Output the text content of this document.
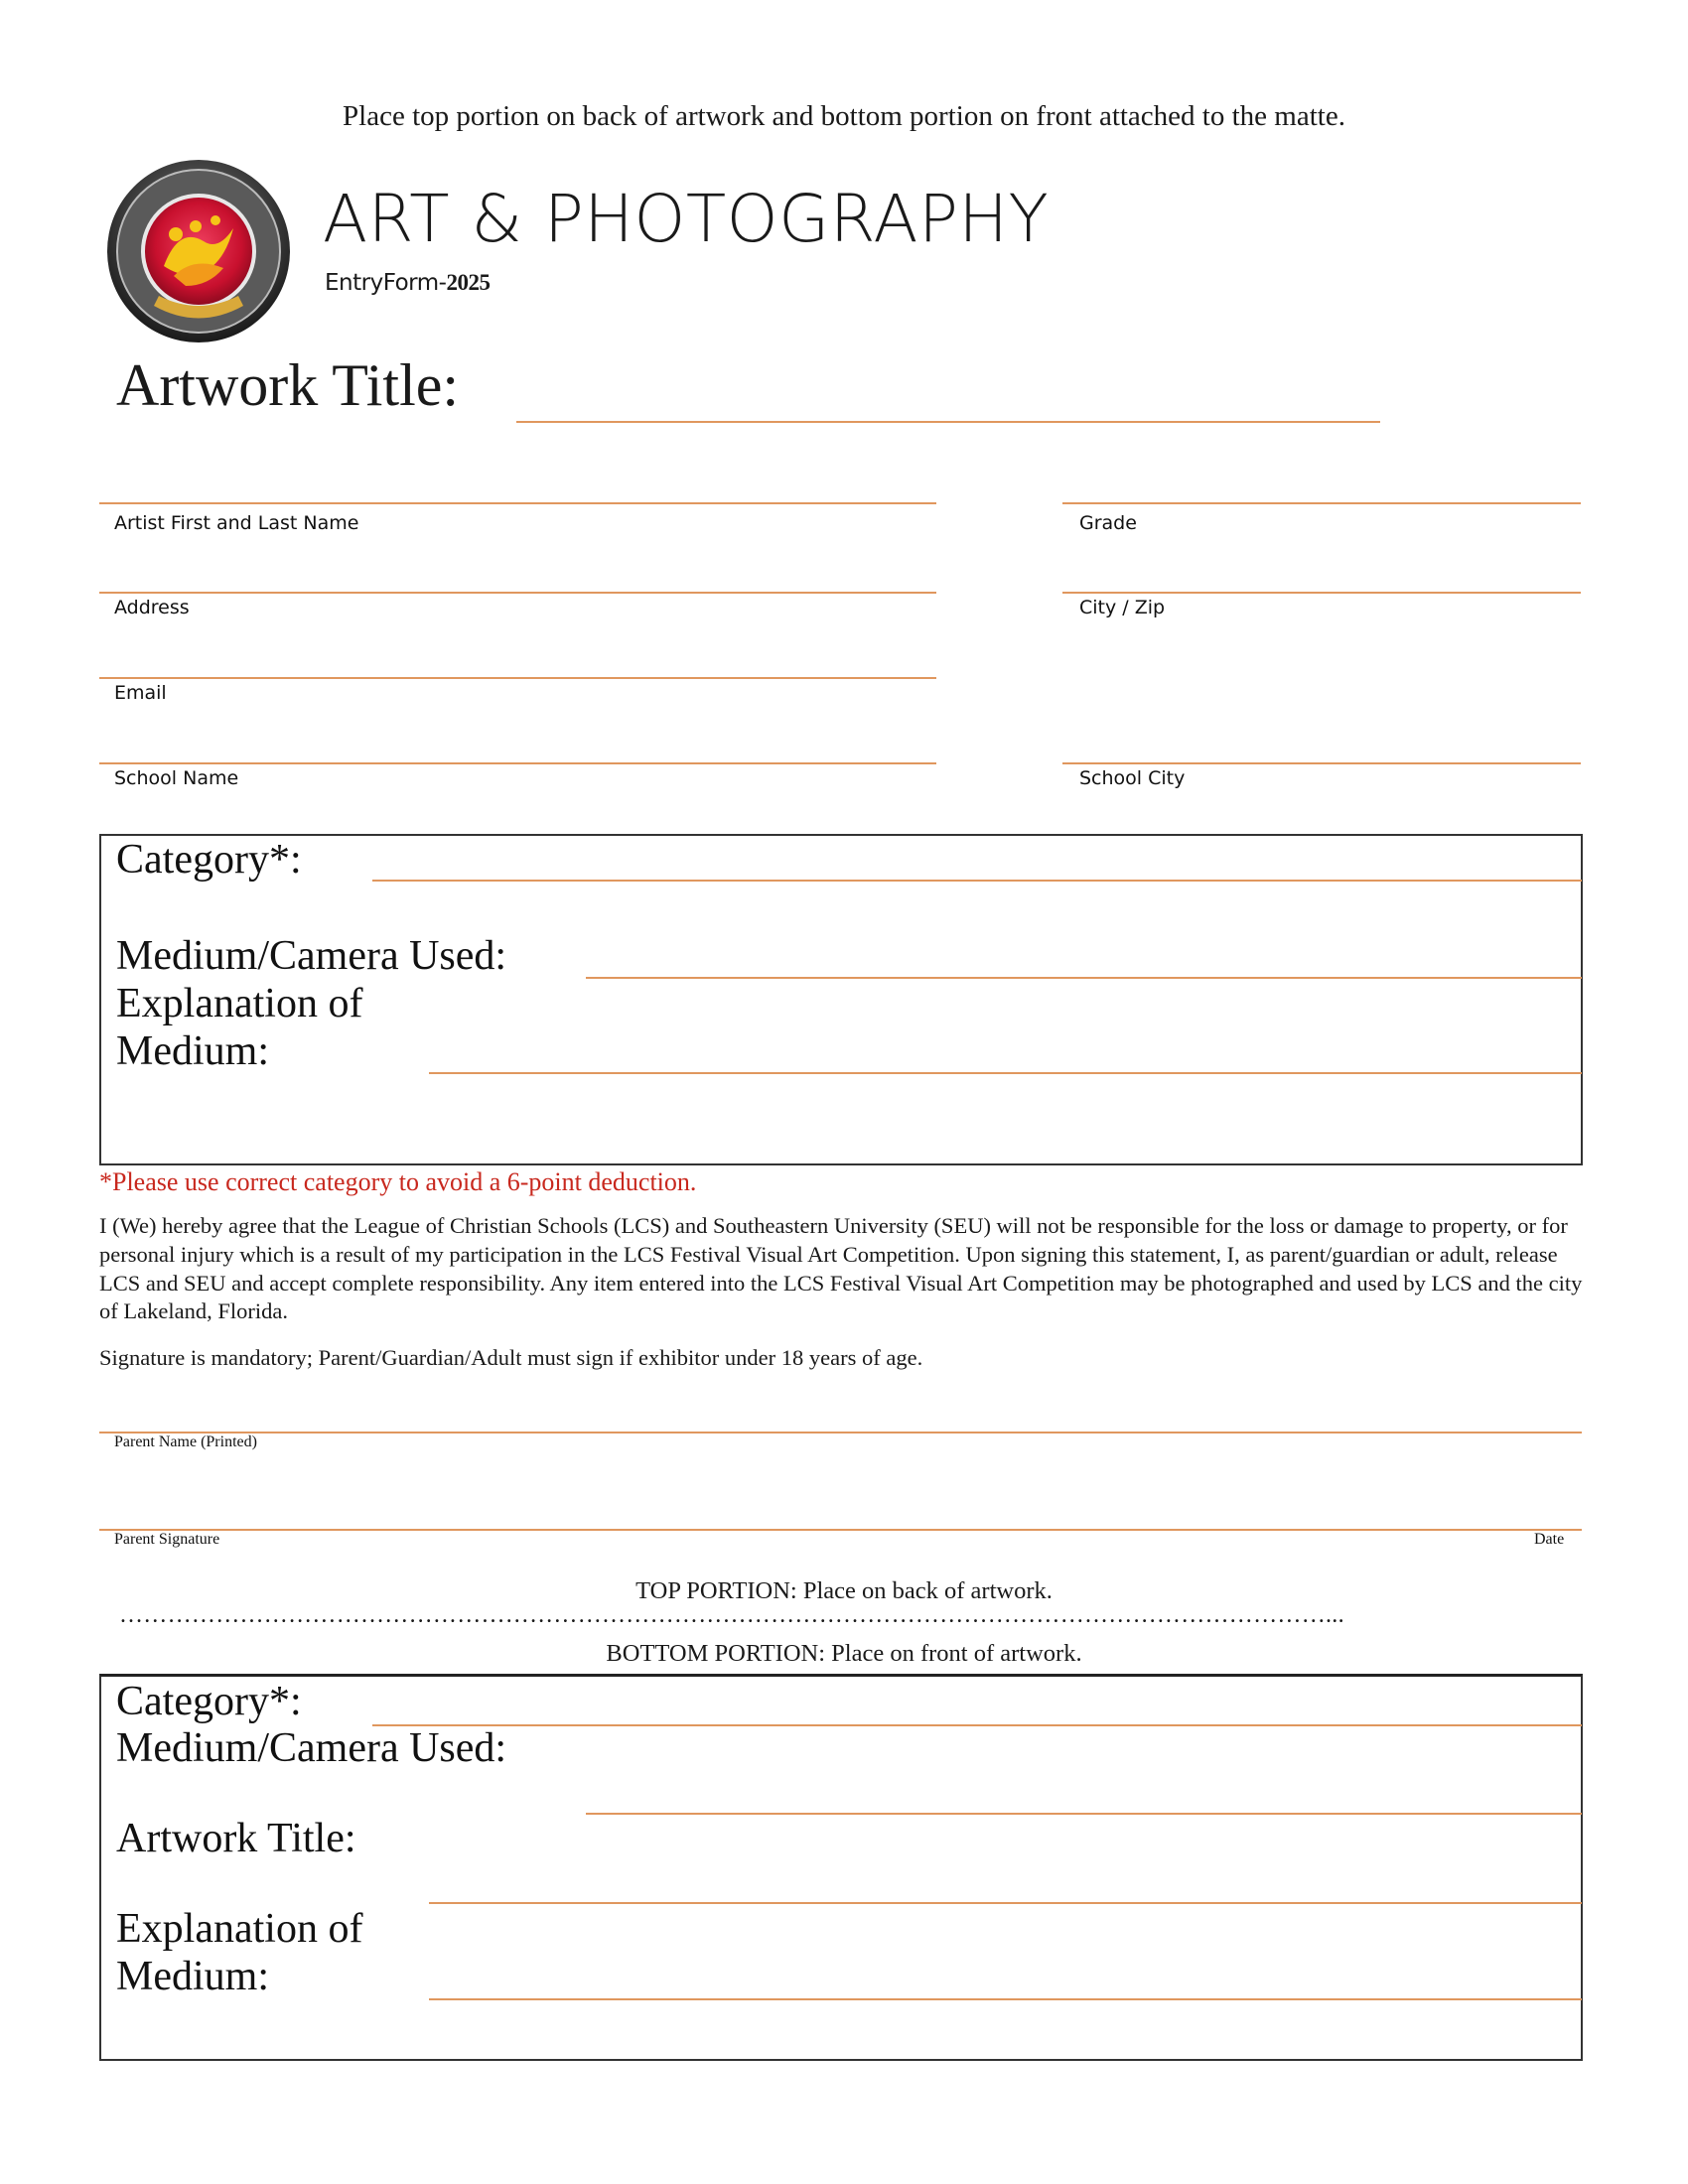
Place top portion on back of artwork and bottom portion on front attached to the matte.
ART & PHOTOGRAPHY
EntryForm-2025
Artwork Title:
Artist First and Last Name	Grade
Address	City / Zip
Email
School Name	School City
Category*:
Medium/Camera Used:
Explanation of
Medium:
*Please use correct category to avoid a 6-point deduction.
I (We) hereby agree that the League of Christian Schools (LCS) and Southeastern University (SEU) will not be responsible for the loss or damage to property, or for personal injury which is a result of my participation in the LCS Festival Visual Art Competition. Upon signing this statement, I, as parent/guardian or adult, release LCS and SEU and accept complete responsibility. Any item entered into the LCS Festival Visual Art Competition may be photographed and used by LCS and the city of Lakeland, Florida.
Signature is mandatory; Parent/Guardian/Adult must sign if exhibitor under 18 years of age.
Parent Name (Printed)
Parent Signature	Date
TOP PORTION: Place on back of artwork.
……………………………………………………………………………………………………………………………………...
BOTTOM PORTION: Place on front of artwork.
Category*:
Medium/Camera Used:
Artwork Title:
Explanation of
Medium:
